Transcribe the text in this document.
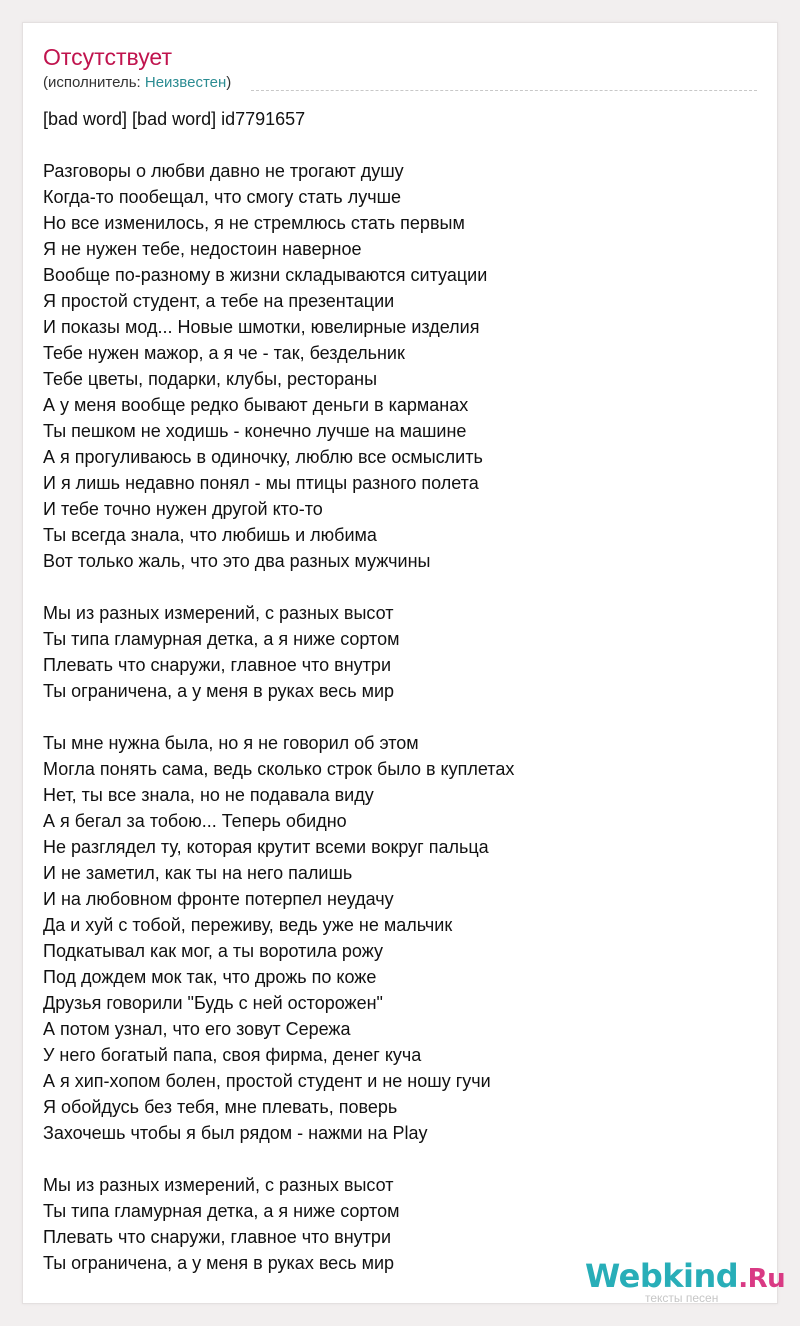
Отсутствует
(исполнитель: Неизвестен)
[bad word] [bad word] id7791657
Разговоры о любви давно не трогают душу
Когда-то пообещал, что смогу стать лучше
Но все изменилось, я не стремлюсь стать первым
Я не нужен тебе, недостоин наверное
Вообще по-разному в жизни складываются ситуации
Я простой студент, а тебе на презентации
И показы мод... Новые шмотки, ювелирные изделия
Тебе нужен мажор, а я че - так, бездельник
Тебе цветы, подарки, клубы, рестораны
А у меня вообще редко бывают деньги в карманах
Ты пешком не ходишь - конечно лучше на машине
А я прогуливаюсь в одиночку, люблю все осмыслить
И я лишь недавно понял - мы птицы разного полета
И тебе точно нужен другой кто-то
Ты всегда знала, что любишь и любима
Вот только жаль, что это два разных мужчины
Мы из разных измерений, с разных высот
Ты типа гламурная детка, а я ниже сортом
Плевать что снаружи, главное что внутри
Ты ограничена, а у меня в руках весь мир
Ты мне нужна была, но я не говорил об этом
Могла понять сама, ведь сколько строк было в куплетах
Нет, ты все знала, но не подавала виду
А я бегал за тобою... Теперь обидно
Не разглядел ту, которая крутит всеми вокруг пальца
И не заметил, как ты на него палишь
И на любовном фронте потерпел неудачу
Да и хуй с тобой, переживу, ведь уже не мальчик
Подкатывал как мог, а ты воротила рожу
Под дождем мок так, что дрожь по коже
Друзья говорили "Будь с ней осторожен"
А потом узнал, что его зовут Сережа
У него богатый папа, своя фирма, денег куча
А я хип-хопом болен, простой студент и не ношу гучи
Я обойдусь без тебя, мне плевать, поверь
Захочешь чтобы я был рядом - нажми на Play
Мы из разных измерений, с разных высот
Ты типа гламурная детка, а я ниже сортом
Плевать что снаружи, главное что внутри
Ты ограничена, а у меня в руках весь мир	Webkind.Ru
тексты песен
